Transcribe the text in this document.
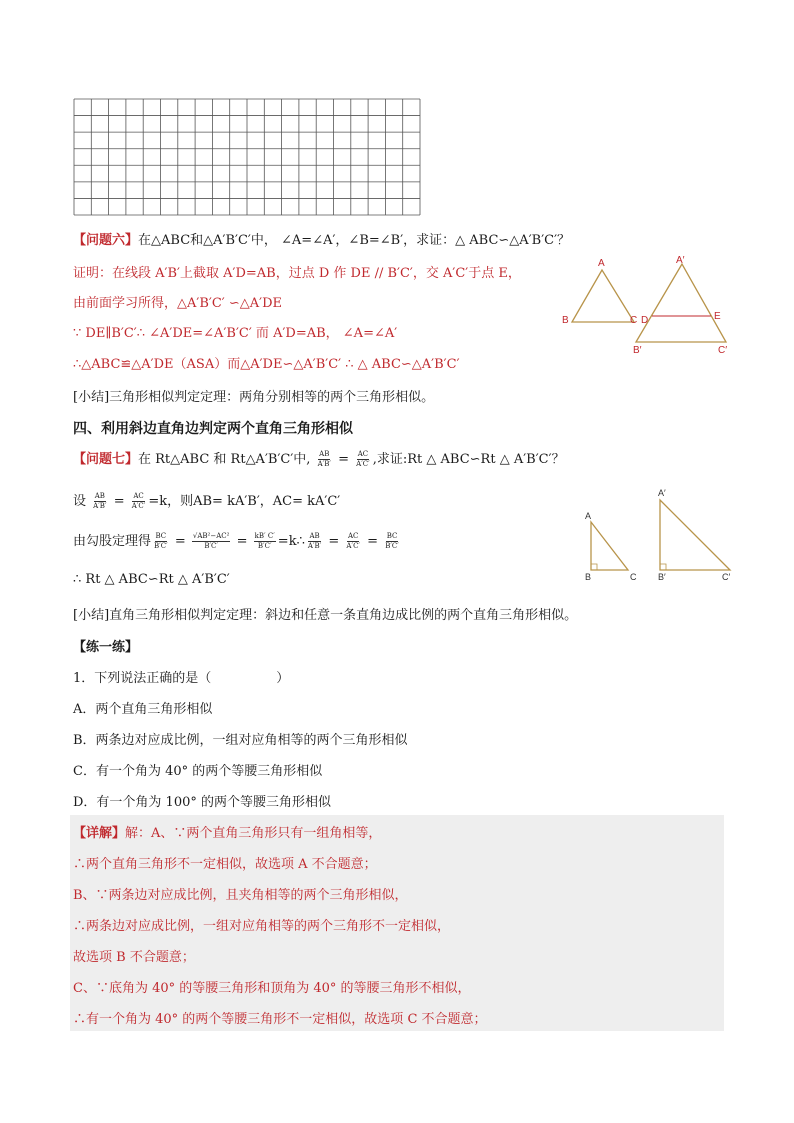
【问题六】在△ABC和△A′B′C′中， ∠A=∠A′，∠B=∠B′，求证：△ ABC∽△A′B′C′？
证明：在线段 A′B′上截取 A′D=AB，过点 D 作 DE // B′C′，交 A′C′于点 E，
由前面学习所得，△A′B′C′ ∽△A′DE
∵ DE∥B′C′∴ ∠A′DE=∠A′B′C′ 而 A′D=AB， ∠A=∠A′
∴△ABC≌△A′DE（ASA）而△A′DE∽△A′B′C′ ∴ △ ABC∽△A′B′C′
[小结]三角形相似判定定理：两角分别相等的两个三角形相似。
A
B	C
A′
D	E
B′	C′
四、利用斜边直角边判定两个直角三角形相似
【问题七】在 Rt△ABC 和 Rt△A′B′C′中, $\frac{AB}{A'B'} = \frac{AC}{A'C'}$ ,求证:Rt △ ABC∽Rt △ A′B′C′？
设 $\frac{AB}{A'B'} = \frac{AC}{A'C'} =k$，则AB= kA′B′，AC= kA′C′
由勾股定理得 $\frac{BC}{B'C'} = \frac{\text{√AB²−AC²}}{B'C'} = \frac{kB' C'}{B'C'}$ =k∴ $\frac{AB}{A'B'} = \frac{AC}{A'C'} = \frac{BC}{B'C'}$
∴ Rt △ ABC∽Rt △ A′B′C′
[小结]直角三角形相似判定定理：斜边和任意一条直角边成比例的两个直角三角形相似。
A
B	C
A′
B′	C′
【练一练】
1．下列说法正确的是（　　　　　）
A．两个直角三角形相似
B．两条边对应成比例，一组对应角相等的两个三角形相似
C．有一个角为 40° 的两个等腰三角形相似
D．有一个角为 100° 的两个等腰三角形相似
【详解】解：A、∵两个直角三角形只有一组角相等，
∴两个直角三角形不一定相似，故选项 A 不合题意；
B、∵两条边对应成比例，且夹角相等的两个三角形相似，
∴两条边对应成比例，一组对应角相等的两个三角形不一定相似，
故选项 B 不合题意；
C、∵底角为 40° 的等腰三角形和顶角为 40° 的等腰三角形不相似，
∴有一个角为 40° 的两个等腰三角形不一定相似，故选项 C 不合题意；
